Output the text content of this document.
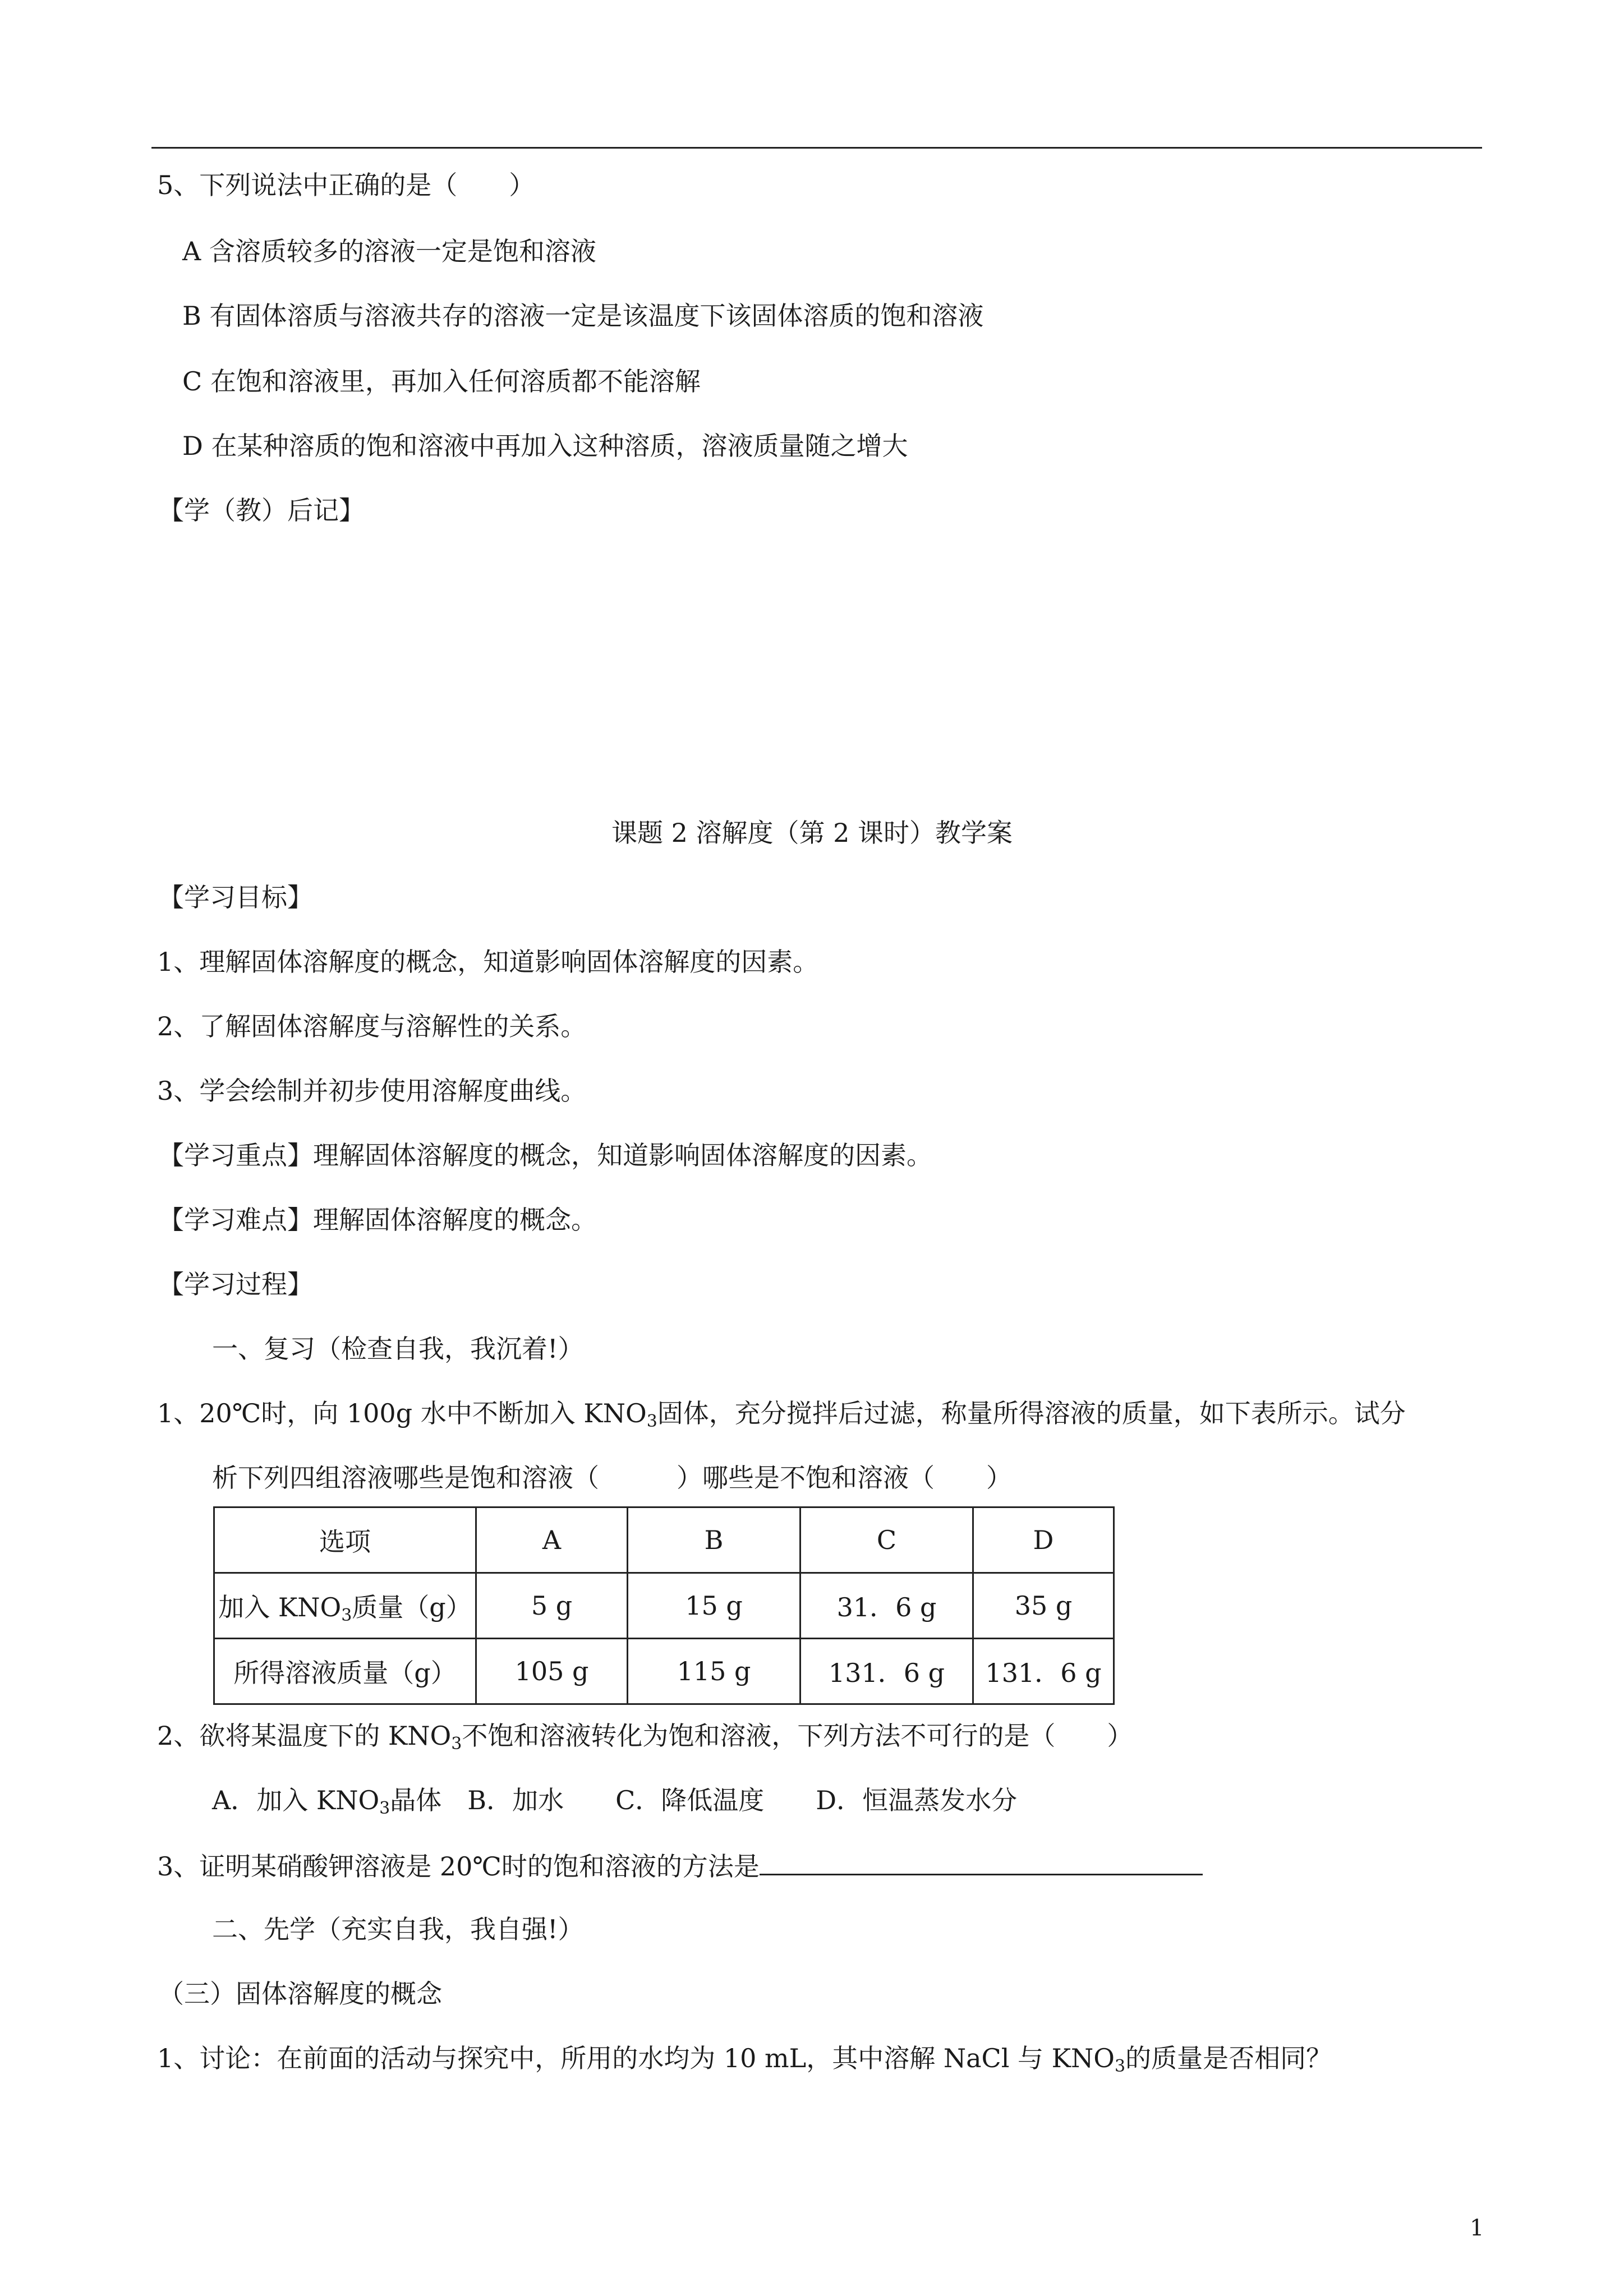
5、下列说法中正确的是（　　）
A 含溶质较多的溶液一定是饱和溶液
B 有固体溶质与溶液共存的溶液一定是该温度下该固体溶质的饱和溶液
C 在饱和溶液里，再加入任何溶质都不能溶解
D 在某种溶质的饱和溶液中再加入这种溶质，溶液质量随之增大
【学（教）后记】
课题 2 溶解度（第 2 课时）教学案
【学习目标】
1、理解固体溶解度的概念，知道影响固体溶解度的因素。
2、了解固体溶解度与溶解性的关系。
3、学会绘制并初步使用溶解度曲线。
【学习重点】理解固体溶解度的概念，知道影响固体溶解度的因素。
【学习难点】理解固体溶解度的概念。
【学习过程】
一、复习（检查自我，我沉着!）
1、20℃时，向 100g 水中不断加入 $KNO_3$固体，充分搅拌后过滤，称量所得溶液的质量，如下表所示。试分
析下列四组溶液哪些是饱和溶液（　　　）哪些是不饱和溶液（　　）
选项	A	B	C	D
加入 $KNO_3$质量（g）	5 g	15 g	31．6 g	35 g
所得溶液质量（g）	105 g	115 g	131．6 g	131．6 g
2、欲将某温度下的 $KNO_3$不饱和溶液转化为饱和溶液，下列方法不可行的是（　　）
A．加入 $KNO_3$晶体　B．加水　　C．降低温度　　D．恒温蒸发水分
3、证明某硝酸钾溶液是 20℃时的饱和溶液的方法是
二、先学（充实自我，我自强!）
（三）固体溶解度的概念
1、讨论：在前面的活动与探究中，所用的水均为 10 mL，其中溶解 NaCl 与 $KNO_3$的质量是否相同？
1
